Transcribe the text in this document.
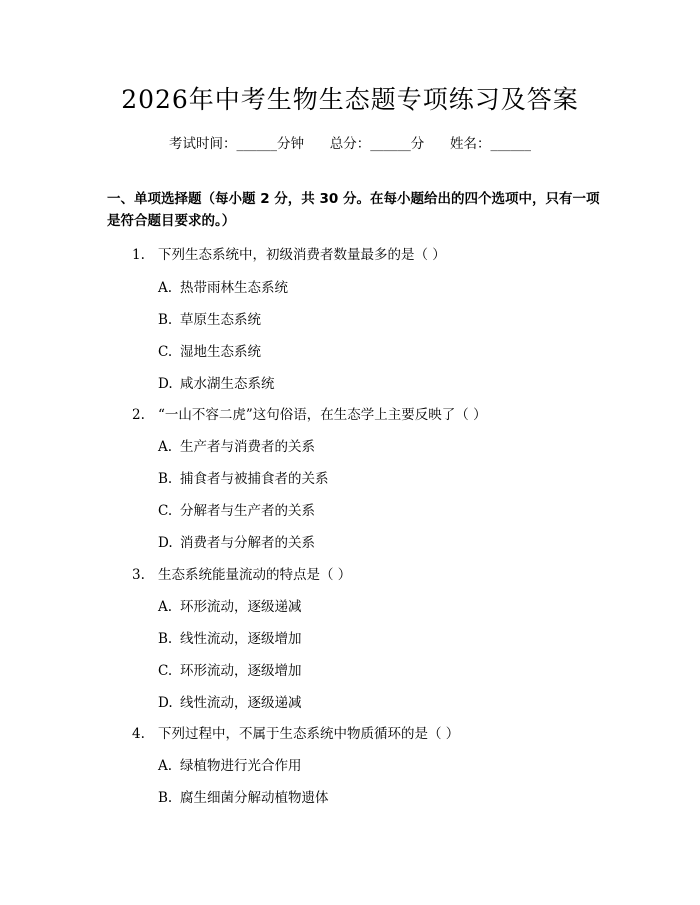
2026年中考生物生态题专项练习及答案
考试时间：______分钟      总分：______分      姓名：______
一、单项选择题（每小题 2 分，共 30 分。在每小题给出的四个选项中，只有一项是符合题目要求的。）
1. 下列生态系统中，初级消费者数量最多的是（ ）
A. 热带雨林生态系统
B. 草原生态系统
C. 湿地生态系统
D. 咸水湖生态系统
2. “一山不容二虎”这句俗语，在生态学上主要反映了（ ）
A. 生产者与消费者的关系
B. 捕食者与被捕食者的关系
C. 分解者与生产者的关系
D. 消费者与分解者的关系
3. 生态系统能量流动的特点是（ ）
A. 环形流动，逐级递减
B. 线性流动，逐级增加
C. 环形流动，逐级增加
D. 线性流动，逐级递减
4. 下列过程中，不属于生态系统中物质循环的是（ ）
A. 绿植物进行光合作用
B. 腐生细菌分解动植物遗体
